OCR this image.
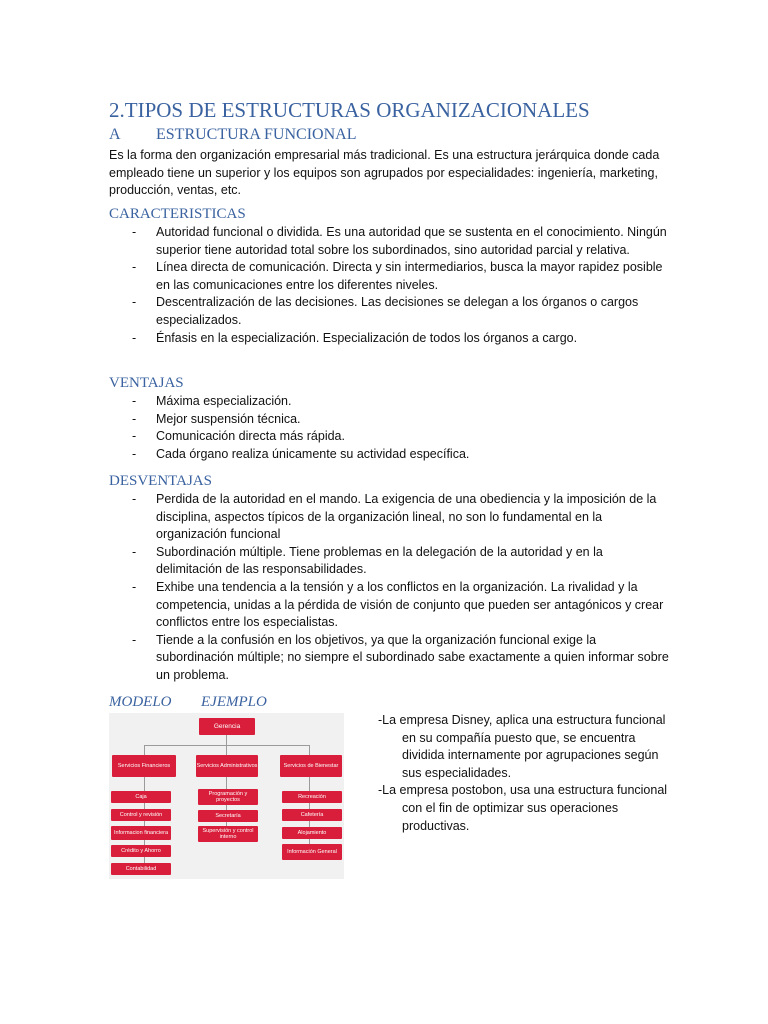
2.TIPOS DE ESTRUCTURAS ORGANIZACIONALES
A ESTRUCTURA FUNCIONAL
Es la forma den organización empresarial más tradicional. Es una estructura jerárquica donde cada empleado tiene un superior y los equipos son agrupados por especialidades: ingeniería, marketing, producción, ventas, etc.
CARACTERISTICAS
- Autoridad funcional o dividida. Es una autoridad que se sustenta en el conocimiento. Ningún superior tiene autoridad total sobre los subordinados, sino autoridad parcial y relativa.
- Línea directa de comunicación. Directa y sin intermediarios, busca la mayor rapidez posible en las comunicaciones entre los diferentes niveles.
- Descentralización de las decisiones. Las decisiones se delegan a los órganos o cargos especializados.
- Énfasis en la especialización. Especialización de todos los órganos a cargo.
VENTAJAS
- Máxima especialización.
- Mejor suspensión técnica.
- Comunicación directa más rápida.
- Cada órgano realiza únicamente su actividad específica.
DESVENTAJAS
- Perdida de la autoridad en el mando. La exigencia de una obediencia y la imposición de la disciplina, aspectos típicos de la organización lineal, no son lo fundamental en la organización funcional
- Subordinación múltiple. Tiene problemas en la delegación de la autoridad y en la delimitación de las responsabilidades.
- Exhibe una tendencia a la tensión y a los conflictos en la organización. La rivalidad y la competencia, unidas a la pérdida de visión de conjunto que pueden ser antagónicos y crear conflictos entre los especialistas.
- Tiende a la confusión en los objetivos, ya que la organización funcional exige la subordinación múltiple; no siempre el subordinado sabe exactamente a quien informar sobre un problema.
MODELO EJEMPLO
Gerencia
Servicios Financieros	Servicios Administrativos	Servicios de Bienestar
Caja
Control y revisión
Informacion financiera
Crédito y Ahorro
Contabilidad
Programación y proyectos
Secretaría
Supervisión y control interno
Recreación
Cafetería
Alojamiento
Información General

-La empresa Disney, aplica una estructura funcional en su compañía puesto que, se encuentra dividida internamente por agrupaciones según sus especialidades.

-La empresa postobon, usa una estructura funcional con el fin de optimizar sus operaciones productivas.
